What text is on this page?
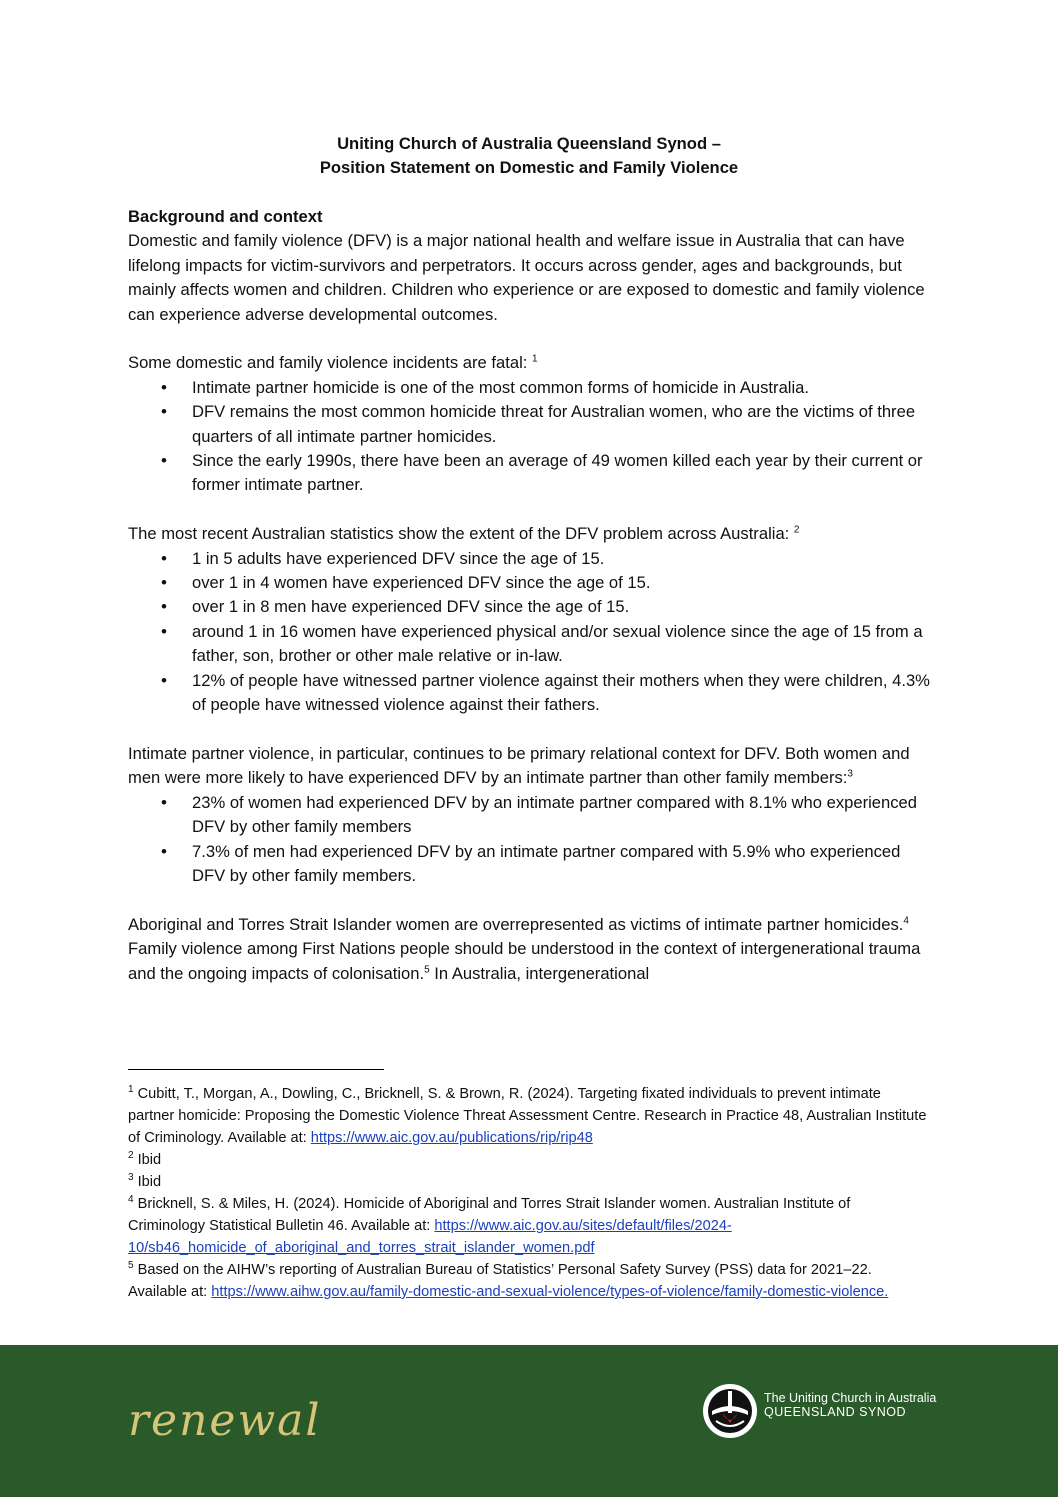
Uniting Church of Australia Queensland Synod –
Position Statement on Domestic and Family Violence

Background and context

Domestic and family violence (DFV) is a major national health and welfare issue in Australia that can have lifelong impacts for victim-survivors and perpetrators. It occurs across gender, ages and backgrounds, but mainly affects women and children. Children who experience or are exposed to domestic and family violence can experience adverse developmental outcomes.

Some domestic and family violence incidents are fatal: $^1$

• Intimate partner homicide is one of the most common forms of homicide in Australia.
• DFV remains the most common homicide threat for Australian women, who are the victims of three quarters of all intimate partner homicides.
• Since the early 1990s, there have been an average of 49 women killed each year by their current or former intimate partner.

The most recent Australian statistics show the extent of the DFV problem across Australia: $^2$

• 1 in 5 adults have experienced DFV since the age of 15.
• over 1 in 4 women have experienced DFV since the age of 15.
• over 1 in 8 men have experienced DFV since the age of 15.
• around 1 in 16 women have experienced physical and/or sexual violence since the age of 15 from a father, son, brother or other male relative or in-law.
• 12% of people have witnessed partner violence against their mothers when they were children, 4.3% of people have witnessed violence against their fathers.

Intimate partner violence, in particular, continues to be primary relational context for DFV. Both women and men were more likely to have experienced DFV by an intimate partner than other family members:$^3$

• 23% of women had experienced DFV by an intimate partner compared with 8.1% who experienced DFV by other family members
• 7.3% of men had experienced DFV by an intimate partner compared with 5.9% who experienced DFV by other family members.

Aboriginal and Torres Strait Islander women are overrepresented as victims of intimate partner homicides.$^4$ Family violence among First Nations people should be understood in the context of intergenerational trauma and the ongoing impacts of colonisation.$^5$ In Australia, intergenerational

$^1$ Cubitt, T., Morgan, A., Dowling, C., Bricknell, S. & Brown, R. (2024). Targeting fixated individuals to prevent intimate partner homicide: Proposing the Domestic Violence Threat Assessment Centre. Research in Practice 48, Australian Institute of Criminology. Available at: https://www.aic.gov.au/publications/rip/rip48

$^2$ Ibid

$^3$ Ibid

$^4$ Bricknell, S. & Miles, H. (2024). Homicide of Aboriginal and Torres Strait Islander women. Australian Institute of Criminology Statistical Bulletin 46. Available at: https://www.aic.gov.au/sites/default/files/2024-10/sb46_homicide_of_aboriginal_and_torres_strait_islander_women.pdf

$^5$ Based on the AIHW’s reporting of Australian Bureau of Statistics’ Personal Safety Survey (PSS) data for 2021–22. Available at: https://www.aihw.gov.au/family-domestic-and-sexual-violence/types-of-violence/family-domestic-violence.

renewal	The Uniting Church in Australia
QUEENSLAND SYNOD
